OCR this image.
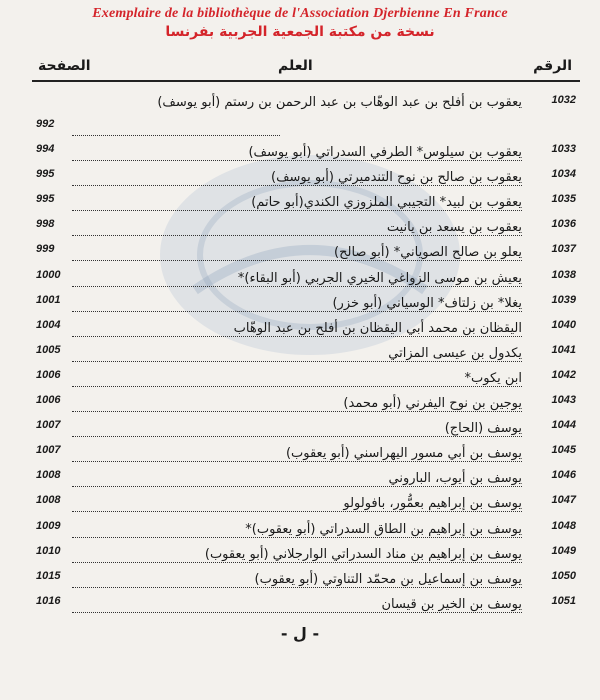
Exemplaire de la bibliothèque de l'Association Djerbienne En France
نسخة من مكتبة الجمعية الجربية بفرنسا
الرقم
العلم
الصفحة
1032
يعقوب بن أفلح بن عبد الوهّاب بن عبد الرحمن بن رستم (أبو يوسف)
992
1033
يعقوب بن سيلوس* الطرفي السدراتي (أبو يوسف)
994
1034
يعقوب بن صالح بن نوح التندميرتي (أبو يوسف)
995
1035
يعقوب بن لبيد* التجيبي الملزوزي الكندي(أبو حاتم)
995
1036
يعقوب بن يسعد بن يانيت
998
1037
يعلو بن صالح الصوياني* (أبو صالح)
999
1038
يعيش بن موسى الزواغي الخيري الجربي (أبو البقاء)*
1000
1039
يغلا* بن زلتاف* الوسياني (أبو خزر)
1001
1040
اليقظان بن محمد أبي اليقظان بن أفلح بن عبد الوهّاب
1004
1041
يكدول بن عيسى المزاتي
1005
1042
ابن يكوب*
1006
1043
يوجين بن نوح اليفرني (أبو محمد)
1006
1044
يوسف (الحاج)
1007
1045
يوسف بن أبي مسور اليهراسني (أبو يعقوب)
1007
1046
يوسف بن أيوب، الباروني
1008
1047
يوسف بن إبراهيم بعمُّور، بافولولو
1008
1048
يوسف بن إبراهيم بن الطاق السدراتي (أبو يعقوب)*
1009
1049
يوسف بن إبراهيم بن مناد السدراتي الوارجلاني (أبو يعقوب)
1010
1050
يوسف بن إسماعيل بن محمّد التناوتي (أبو يعقوب)
1015
1051
يوسف بن الخير بن قيسان
1016
- ل -
